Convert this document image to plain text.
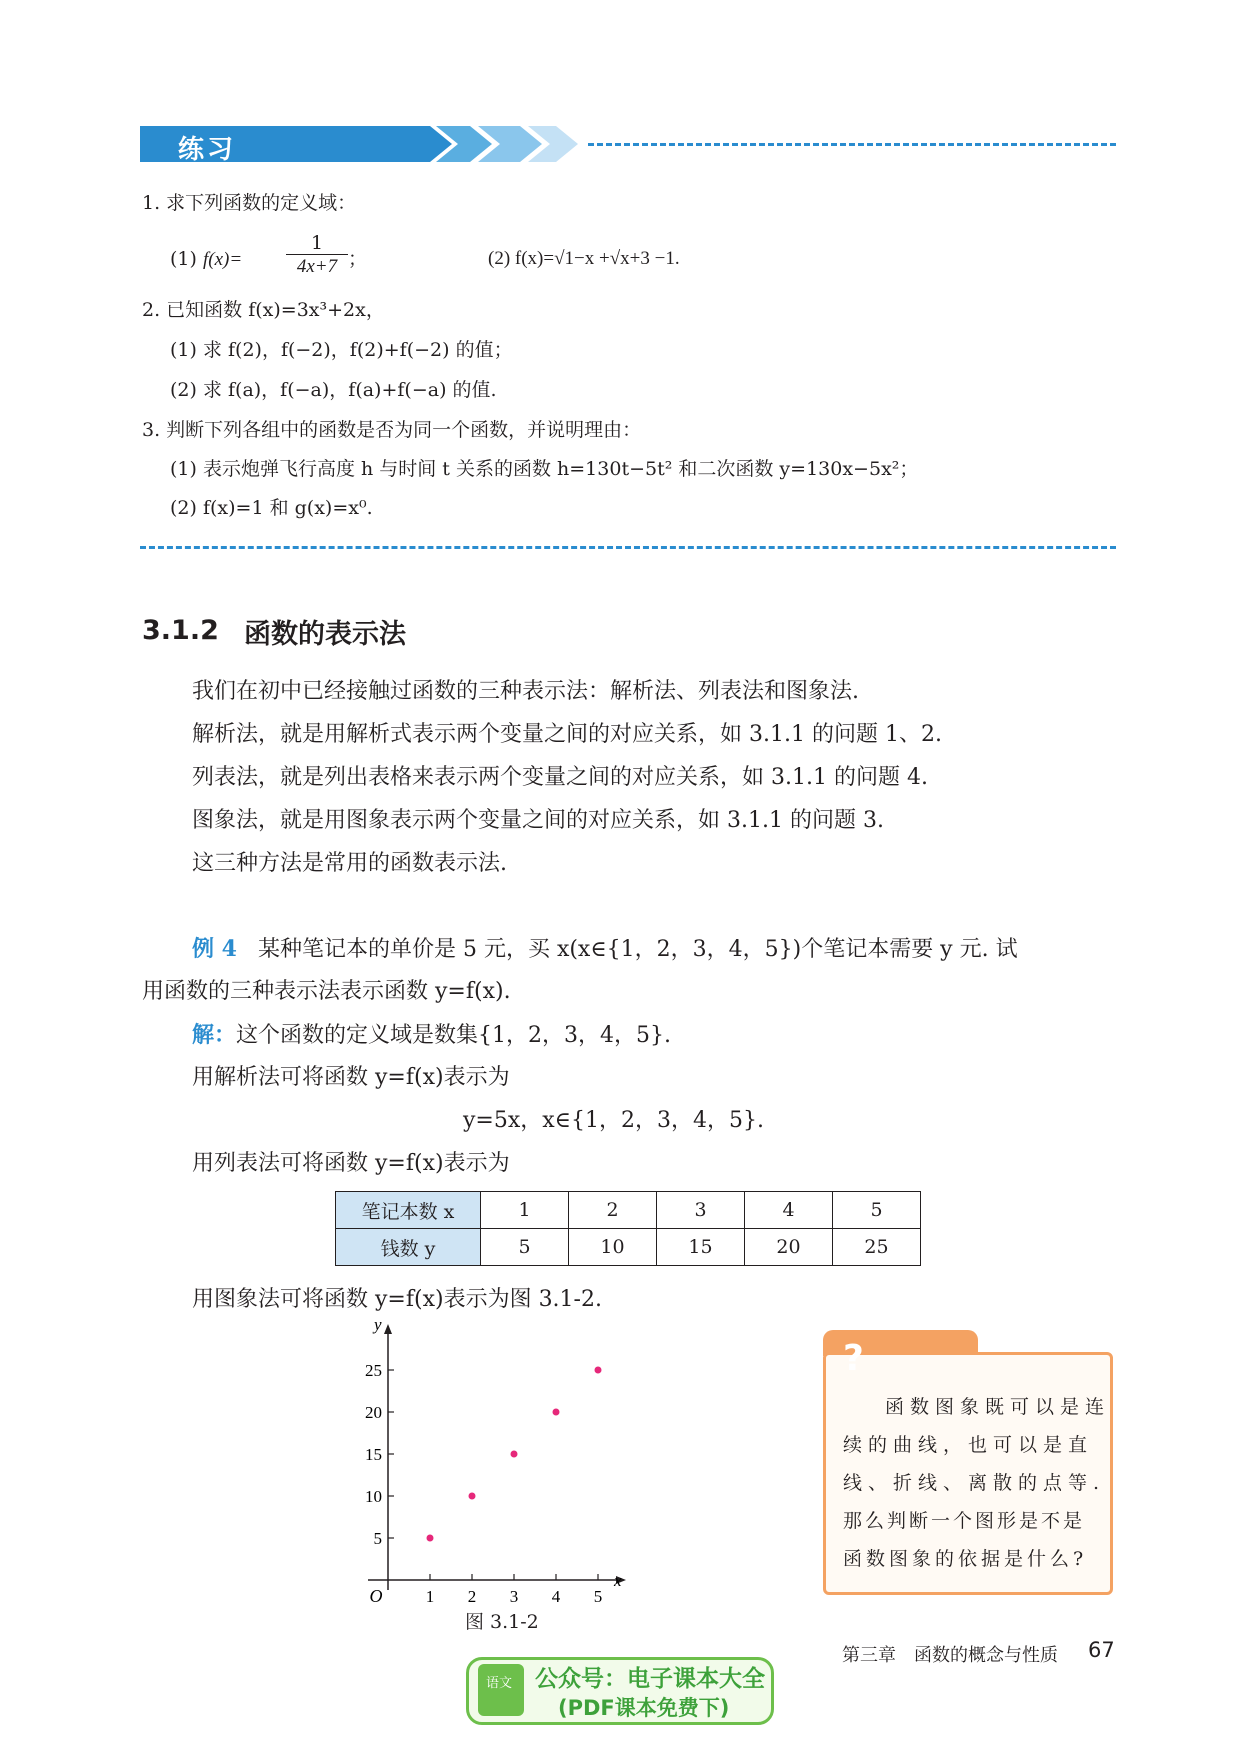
练习
1. 求下列函数的定义域：
(1) f(x)=
1
4x+7 ；	(2) f(x)=√1−x +√x+3 −1.
2. 已知函数 f(x)=3x³+2x，
(1) 求 f(2)，f(−2)，f(2)+f(−2) 的值；
(2) 求 f(a)，f(−a)，f(a)+f(−a) 的值.
3. 判断下列各组中的函数是否为同一个函数，并说明理由：
(1) 表示炮弹飞行高度 h 与时间 t 关系的函数 h=130t−5t² 和二次函数 y=130x−5x²；
(2) f(x)=1 和 g(x)=x⁰.
3.1.2 函数的表示法
我们在初中已经接触过函数的三种表示法：解析法、列表法和图象法.
解析法，就是用解析式表示两个变量之间的对应关系，如 3.1.1 的问题 1、2.
列表法，就是列出表格来表示两个变量之间的对应关系，如 3.1.1 的问题 4.
图象法，就是用图象表示两个变量之间的对应关系，如 3.1.1 的问题 3.
这三种方法是常用的函数表示法.
例 4 某种笔记本的单价是 5 元，买 x(x∈{1，2，3，4，5})个笔记本需要 y 元. 试
用函数的三种表示法表示函数 y=f(x).
解：这个函数的定义域是数集{1，2，3，4，5}.
用解析法可将函数 y=f(x)表示为
y=5x，x∈{1，2，3，4，5}.
用列表法可将函数 y=f(x)表示为
笔记本数 x	1	2	3	4	5
钱数 y	5	10	15	20	25
用图象法可将函数 y=f(x)表示为图 3.1-2.
y
x
O	1 2 3 4 5
5
10
15
20
25
图 3.1-2
?
函数图象既可以是连
续的曲线，也可以是直
线、折线、离散的点等.
那么判断一个图形是不是
函数图象的依据是什么?
第三章　函数的概念与性质 67
语文 公众号：电子课本大全
(PDF课本免费下)
